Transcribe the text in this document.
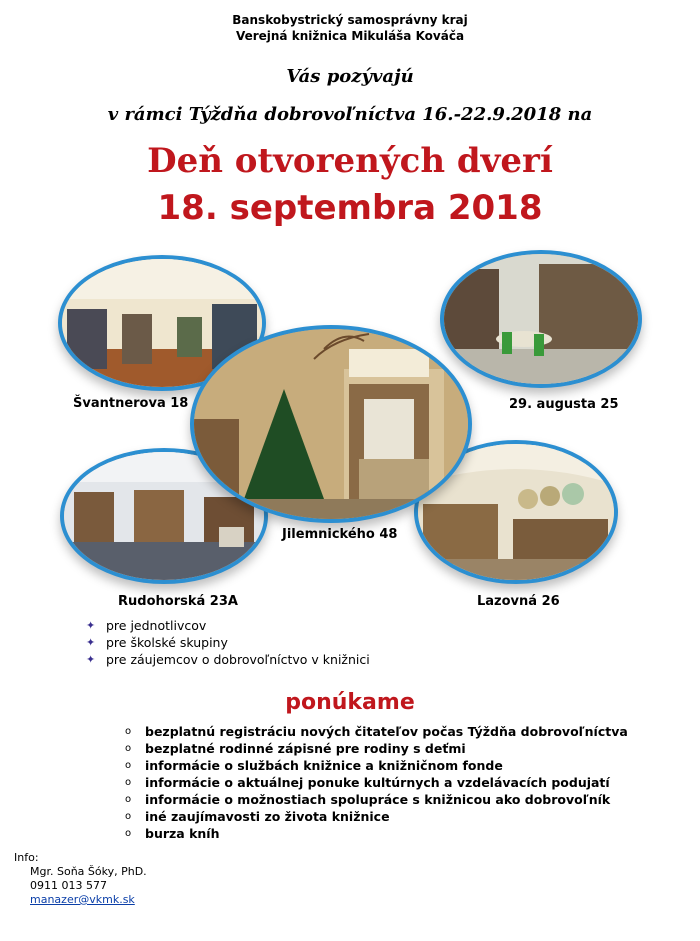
Banskobystrický samosprávny kraj
Verejná knižnica Mikuláša Kováča
Vás pozývajú
v rámci Týždňa dobrovoľníctva 16.-22.9.2018 na
Deň otvorených dverí
18. septembra 2018
Švantnerova 18	29. augusta 25
Jilemnického 48
Rudohorská 23A	Lazovná 26
✦ pre jednotlivcov
✦ pre školské skupiny
✦ pre záujemcov o dobrovoľníctvo v knižnici
ponúkame
o bezplatnú registráciu nových čitateľov počas Týždňa dobrovoľníctva
o bezplatné rodinné zápisné pre rodiny s deťmi
o informácie o službách knižnice a knižničnom fonde
o informácie o aktuálnej ponuke kultúrnych a vzdelávacích podujatí
o informácie o možnostiach spolupráce s knižnicou ako dobrovoľník
o iné zaujímavosti zo života knižnice
o burza kníh
Info:
Mgr. Soňa Šóky, PhD.
0911 013 577
manazer@vkmk.sk
